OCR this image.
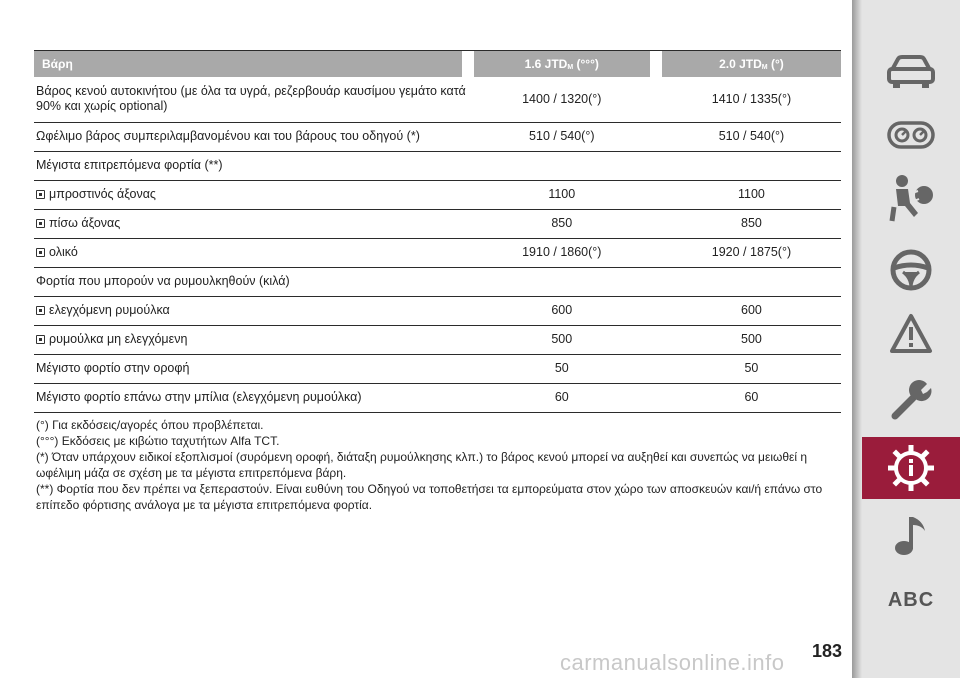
Βάρη		1.6 $JTD_M$ (°°°)		2.0 $JTD_M$ (°)
Βάρος κενού αυτοκινήτου (με όλα τα υγρά, ρεζερβουάρ καυσίμου γεμάτο κατά 90% και χωρίς optional)		1400 / 1320(°)		1410 / 1335(°)
Ωφέλιμο βάρος συμπεριλαμβανομένου και του βάρους του οδηγού (*)		510 / 540(°)		510 / 540(°)
Μέγιστα επιτρεπόμενα φορτία (**)				
μπροστινός άξονας		1100		1100
πίσω άξονας		850		850
ολικό		1910 / 1860(°)		1920 / 1875(°)
Φορτία που μπορούν να ρυμουλκηθούν (κιλά)				
ελεγχόμενη ρυμούλκα		600		600
ρυμούλκα μη ελεγχόμενη		500		500
Μέγιστο φορτίο στην οροφή		50		50
Μέγιστο φορτίο επάνω στην μπίλια (ελεγχόμενη ρυμούλκα)		60		60
(°) Για εκδόσεις/αγορές όπου προβλέπεται.
(°°°) Εκδόσεις με κιβώτιο ταχυτήτων Alfa TCT.
(*) Όταν υπάρχουν ειδικοί εξοπλισμοί (συρόμενη οροφή, διάταξη ρυμούλκησης κλπ.) το βάρος κενού μπορεί να αυξηθεί και συνεπώς να μειωθεί η ωφέλιμη μάζα σε σχέση με τα μέγιστα επιτρεπόμενα βάρη.
(**) Φορτία που δεν πρέπει να ξεπεραστούν. Είναι ευθύνη του Οδηγού να τοποθετήσει τα εμπορεύματα στον χώρο των αποσκευών και/ή επάνω στο επίπεδο φόρτισης ανάλογα με τα μέγιστα επιτρεπόμενα φορτία.
ABC
183
carmanualsonline.info
